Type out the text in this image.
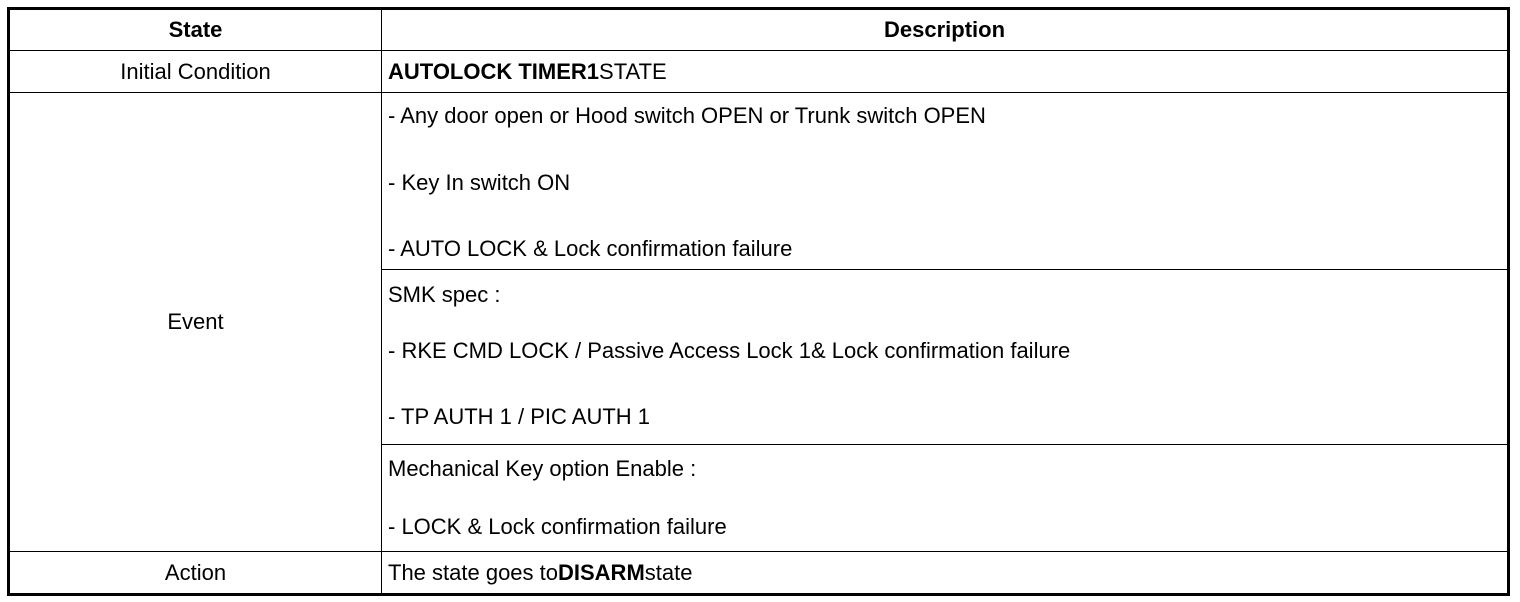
State	Description
Initial Condition	AUTOLOCK TIMER1STATE
Event	- Any door open or Hood switch OPEN or Trunk switch OPEN
- Key In switch ON
- AUTO LOCK & Lock confirmation failure

	SMK spec :
- RKE CMD LOCK / Passive Access Lock 1& Lock confirmation failure
- TP AUTH 1 / PIC AUTH 1

	Mechanical Key option Enable :
- LOCK & Lock confirmation failure

Action	The state goes toDISARMstate
